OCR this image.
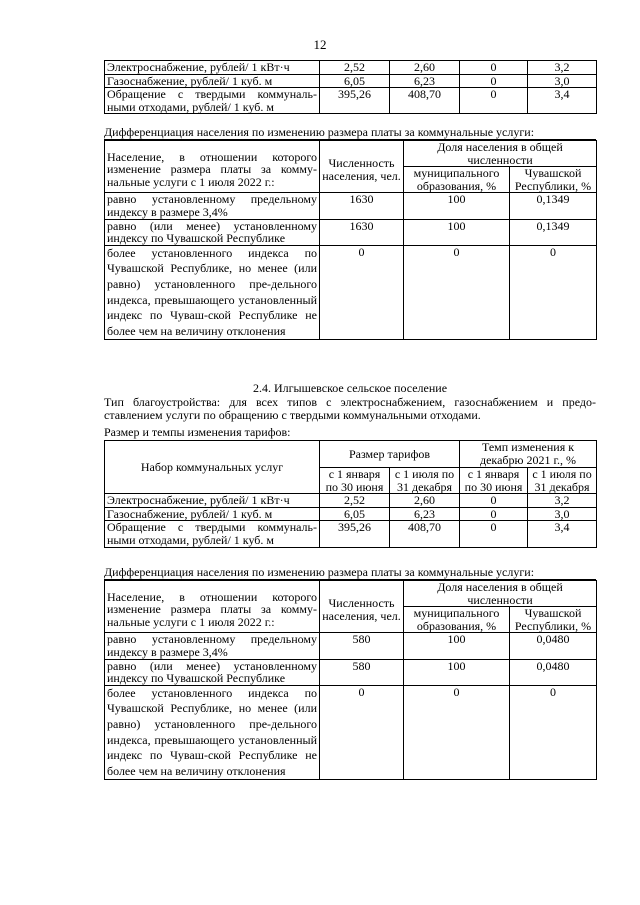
12
Электроснабжение, рублей/ 1 кВт·ч	2,52	2,60	0	3,2
Газоснабжение, рублей/ 1 куб. м	6,05	6,23	0	3,0
Обращение с твердыми коммуналь-ными отходами, рублей/ 1 куб. м	395,26	408,70	0	3,4
Дифференциация населения по изменению размера платы за коммунальные услуги:
Население, в отношении которого изменение размера платы за комму-нальные услуги с 1 июля 2022 г.:	Численность населения, чел.	Доля населения в общей численности	
		муниципального образования, %	Чувашской Республики, %
равно установленному предельному индексу в размере 3,4%	1630	100	0,1349
равно (или менее) установленному индексу по Чувашской Республике	1630	100	0,1349
более установленного индекса по Чувашской Республике, но менее (или равно) установленного пре-дельного индекса, превышающего установленный индекс по Чуваш-ской Республике не более чем на величину отклонения	0	0	0
2.4. Илгышевское сельское поселение
Тип благоустройства: для всех типов с электроснабжением, газоснабжением и предо-ставлением услуги по обращению с твердыми коммунальными отходами.
Размер и темпы изменения тарифов:
Набор коммунальных услуг	Размер тарифов		Темп изменения к декабрю 2021 г., %	
	с 1 января по 30 июня	с 1 июля по 31 декабря	с 1 января по 30 июня	с 1 июля по 31 декабря
Электроснабжение, рублей/ 1 кВт·ч	2,52	2,60	0	3,2
Газоснабжение, рублей/ 1 куб. м	6,05	6,23	0	3,0
Обращение с твердыми коммуналь-ными отходами, рублей/ 1 куб. м	395,26	408,70	0	3,4
Дифференциация населения по изменению размера платы за коммунальные услуги:
Население, в отношении которого изменение размера платы за комму-нальные услуги с 1 июля 2022 г.:	Численность населения, чел.	Доля населения в общей численности	
		муниципального образования, %	Чувашской Республики, %
равно установленному предельному индексу в размере 3,4%	580	100	0,0480
равно (или менее) установленному индексу по Чувашской Республике	580	100	0,0480
более установленного индекса по Чувашской Республике, но менее (или равно) установленного пре-дельного индекса, превышающего установленный индекс по Чуваш-ской Республике не более чем на величину отклонения	0	0	0
